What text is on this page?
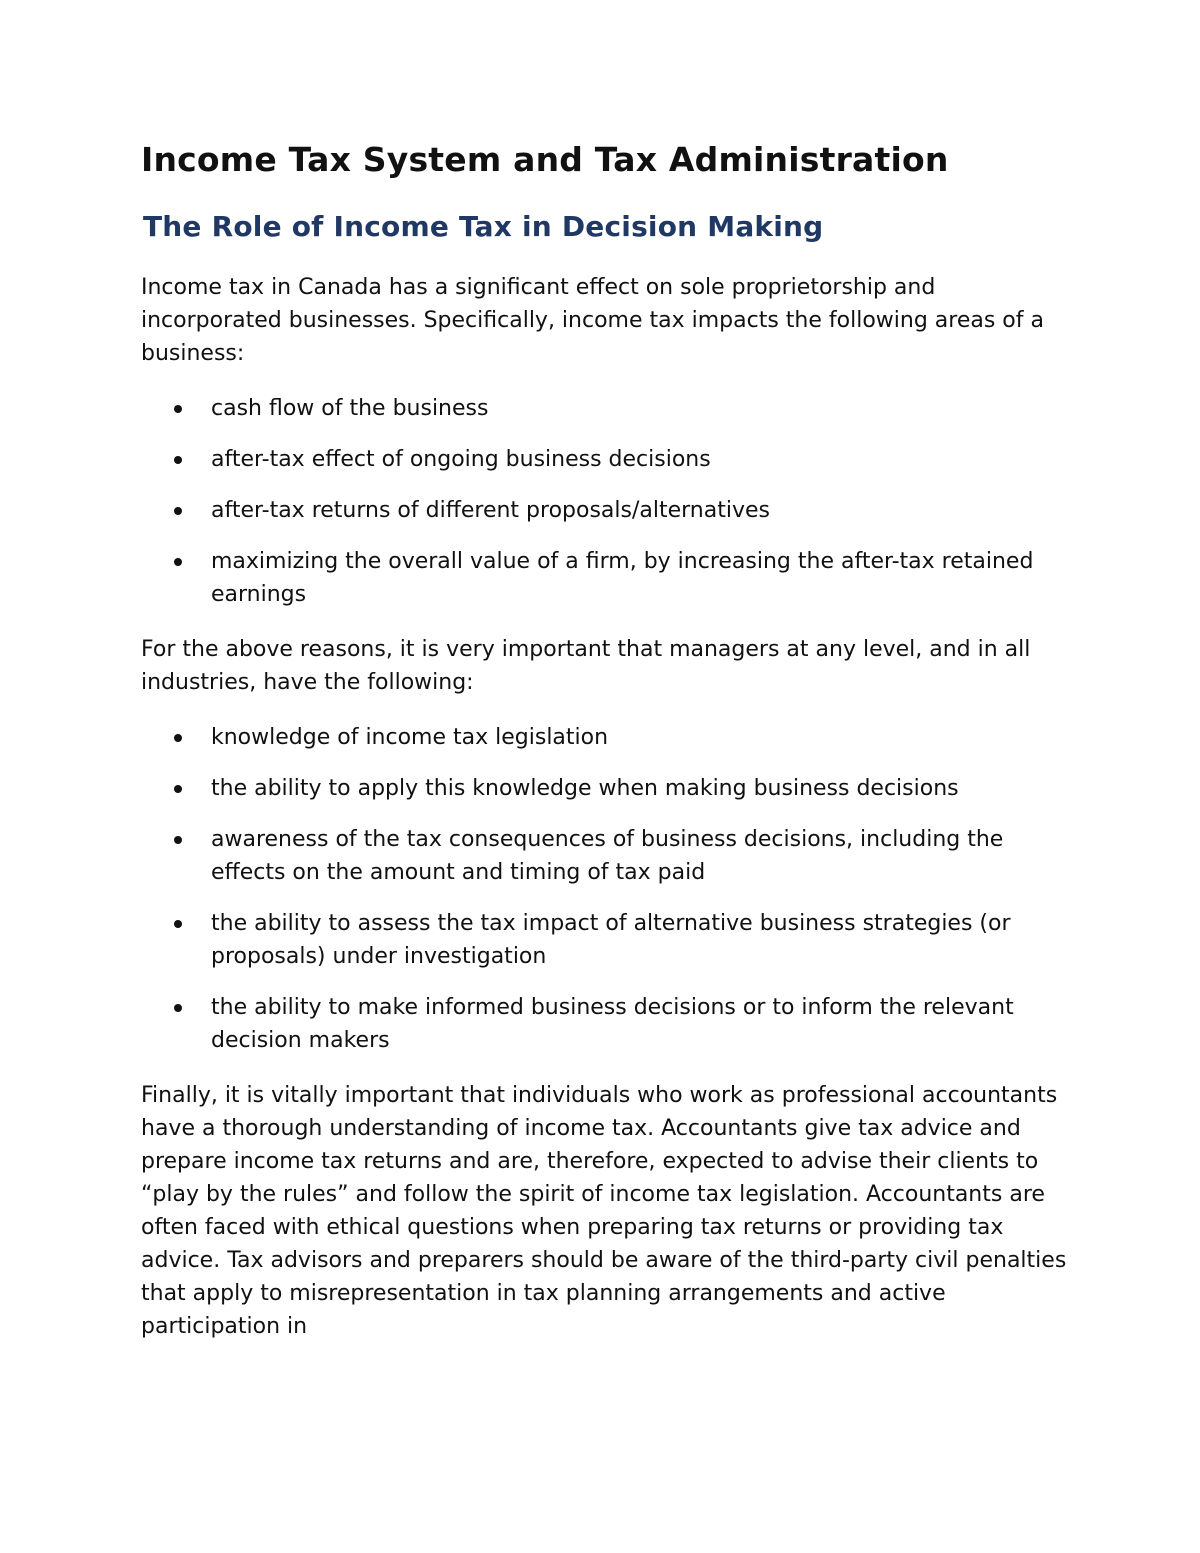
Income Tax System and Tax Administration
The Role of Income Tax in Decision Making

Income tax in Canada has a significant effect on sole proprietorship and incorporated businesses. Specifically, income tax impacts the following areas of a business:

cash flow of the business
after-tax effect of ongoing business decisions
after-tax returns of different proposals/alternatives
maximizing the overall value of a firm, by increasing the after-tax retained earnings

For the above reasons, it is very important that managers at any level, and in all industries, have the following:

knowledge of income tax legislation
the ability to apply this knowledge when making business decisions
awareness of the tax consequences of business decisions, including the effects on the amount and timing of tax paid
the ability to assess the tax impact of alternative business strategies (or proposals) under investigation
the ability to make informed business decisions or to inform the relevant decision makers

Finally, it is vitally important that individuals who work as professional accountants have a thorough understanding of income tax. Accountants give tax advice and prepare income tax returns and are, therefore, expected to advise their clients to “play by the rules” and follow the spirit of income tax legislation. Accountants are often faced with ethical questions when preparing tax returns or providing tax advice. Tax advisors and preparers should be aware of the third-party civil penalties that apply to misrepresentation in tax planning arrangements and active participation in
